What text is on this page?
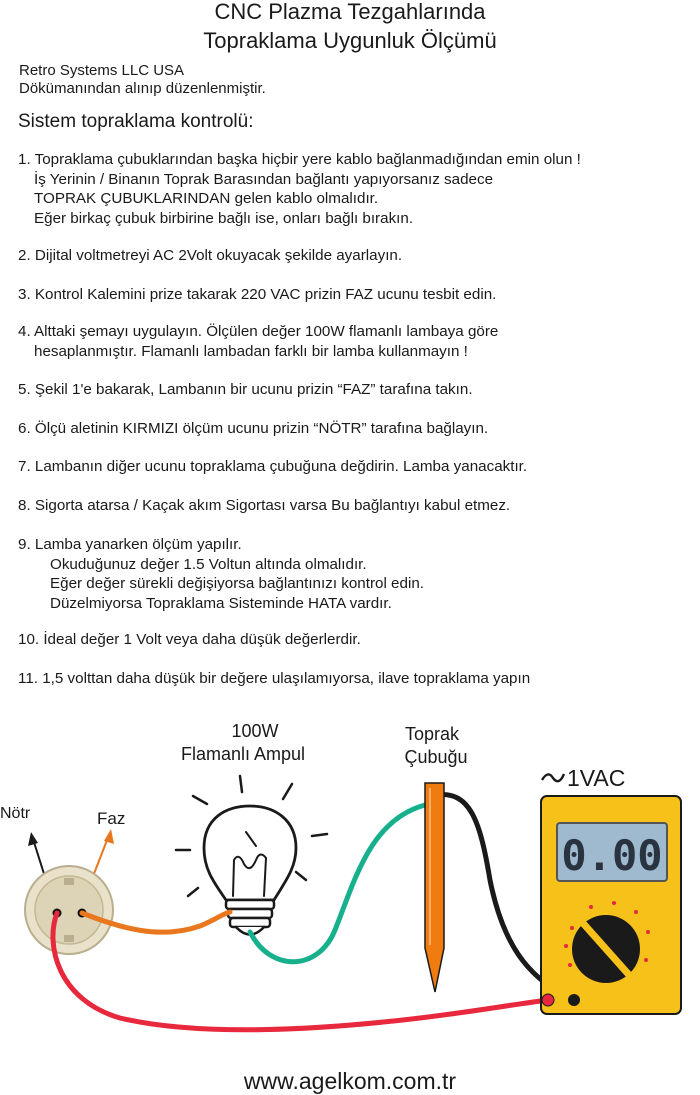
CNC Plazma Tezgahlarında
Topraklama Uygunluk Ölçümü
Retro Systems LLC USA
Dökümanından alınıp düzenlenmiştir.
Sistem topraklama kontrolü:
1. Topraklama çubuklarından başka hiçbir yere kablo bağlanmadığından emin olun !
İş Yerinin / Binanın Toprak Barasından bağlantı yapıyorsanız sadece
TOPRAK ÇUBUKLARINDAN gelen kablo olmalıdır.
Eğer birkaç çubuk birbirine bağlı ise, onları bağlı bırakın.
2. Dijital voltmetreyi AC 2Volt okuyacak şekilde ayarlayın.
3. Kontrol Kalemini prize takarak 220 VAC prizin FAZ ucunu tesbit edin.
4. Alttaki şemayı uygulayın. Ölçülen değer 100W flamanlı lambaya göre
hesaplanmıştır. Flamanlı lambadan farklı bir lamba kullanmayın !
5. Şekil 1'e bakarak, Lambanın bir ucunu prizin “FAZ” tarafına takın.
6. Ölçü aletinin KIRMIZI ölçüm ucunu prizin “NÖTR” tarafına bağlayın.
7. Lambanın diğer ucunu topraklama çubuğuna değdirin. Lamba yanacaktır.
8. Sigorta atarsa / Kaçak akım Sigortası varsa Bu bağlantıyı kabul etmez.
9. Lamba yanarken ölçüm yapılır.
Okuduğunuz değer 1.5 Voltun altında olmalıdır.
Eğer değer sürekli değişiyorsa bağlantınızı kontrol edin.
Düzelmiyorsa Topraklama Sisteminde HATA vardır.
10. İdeal değer 1 Volt veya daha düşük değerlerdir.
11. 1,5 volttan daha düşük bir değere ulaşılamıyorsa, ilave topraklama yapın
100W
Flamanlı Ampul
Toprak
Çubuğu
Nötr	Faz
1VAC
0.00
www.agelkom.com.tr
